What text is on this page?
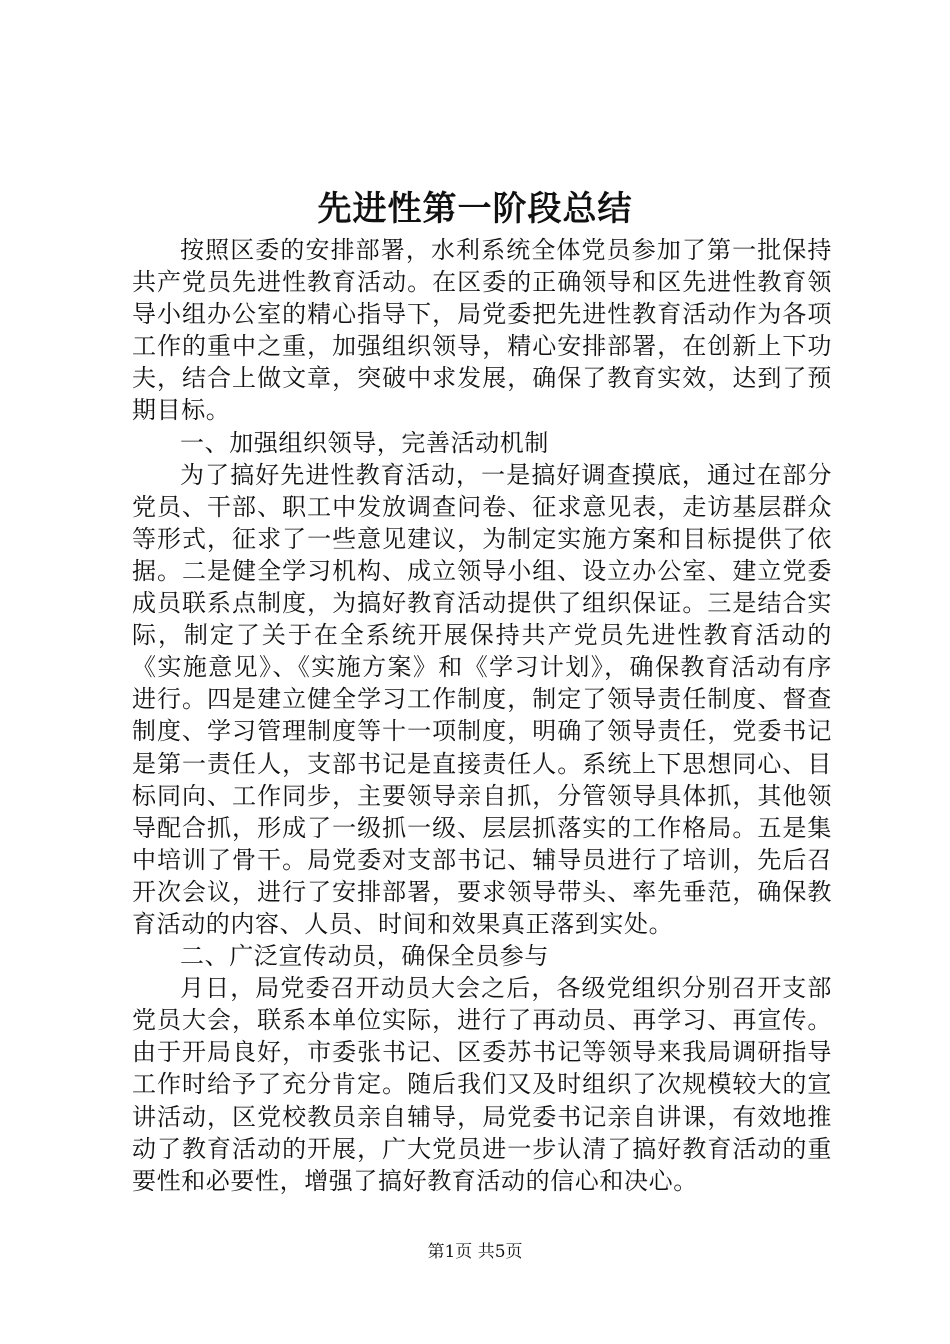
先进性第一阶段总结

按照区委的安排部署，水利系统全体党员参加了第一批保持共产党员先进性教育活动。在区委的正确领导和区先进性教育领导小组办公室的精心指导下，局党委把先进性教育活动作为各项工作的重中之重，加强组织领导，精心安排部署，在创新上下功夫，结合上做文章，突破中求发展，确保了教育实效，达到了预期目标。

一、加强组织领导，完善活动机制

为了搞好先进性教育活动，一是搞好调查摸底，通过在部分党员、干部、职工中发放调查问卷、征求意见表，走访基层群众等形式，征求了一些意见建议，为制定实施方案和目标提供了依据。二是健全学习机构、成立领导小组、设立办公室、建立党委成员联系点制度，为搞好教育活动提供了组织保证。三是结合实际，制定了关于在全系统开展保持共产党员先进性教育活动的《实施意见》、《实施方案》和《学习计划》，确保教育活动有序进行。四是建立健全学习工作制度，制定了领导责任制度、督查制度、学习管理制度等十一项制度，明确了领导责任，党委书记是第一责任人，支部书记是直接责任人。系统上下思想同心、目标同向、工作同步，主要领导亲自抓，分管领导具体抓，其他领导配合抓，形成了一级抓一级、层层抓落实的工作格局。五是集中培训了骨干。局党委对支部书记、辅导员进行了培训，先后召开次会议，进行了安排部署，要求领导带头、率先垂范，确保教育活动的内容、人员、时间和效果真正落到实处。

二、广泛宣传动员，确保全员参与

月日，局党委召开动员大会之后，各级党组织分别召开支部党员大会，联系本单位实际，进行了再动员、再学习、再宣传。由于开局良好，市委张书记、区委苏书记等领导来我局调研指导工作时给予了充分肯定。随后我们又及时组织了次规模较大的宣讲活动，区党校教员亲自辅导，局党委书记亲自讲课，有效地推动了教育活动的开展，广大党员进一步认清了搞好教育活动的重要性和必要性，增强了搞好教育活动的信心和决心。

第1页 共5页
